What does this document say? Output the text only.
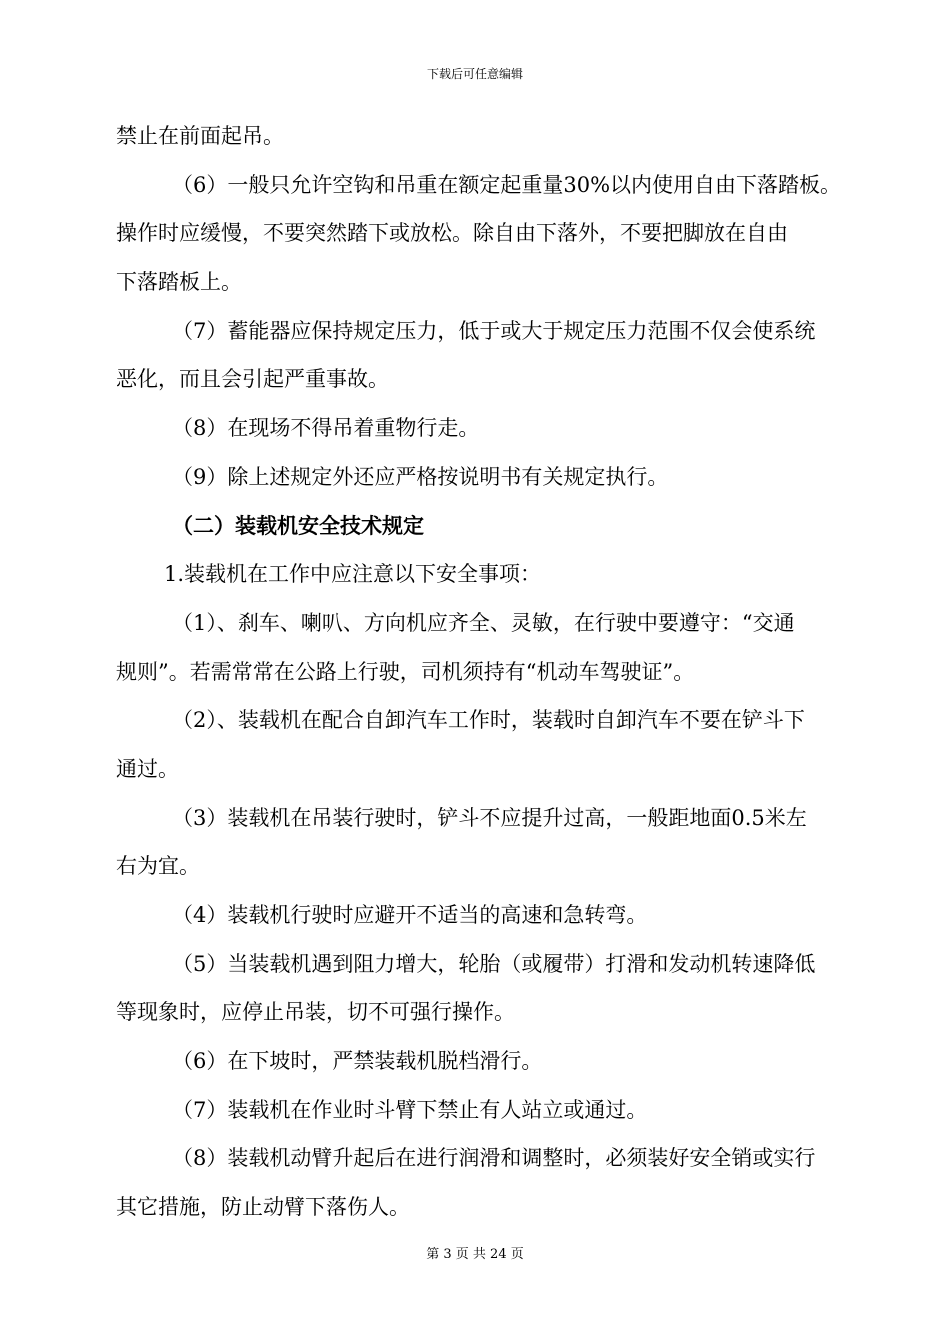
下载后可任意编辑
禁止在前面起吊。
（6）一般只允许空钩和吊重在额定起重量30%以内使用自由下落踏板。
操作时应缓慢，不要突然踏下或放松。除自由下落外，不要把脚放在自由
下落踏板上。
（7）蓄能器应保持规定压力，低于或大于规定压力范围不仅会使系统
恶化，而且会引起严重事故。
（8）在现场不得吊着重物行走。
（9）除上述规定外还应严格按说明书有关规定执行。
（二）装载机安全技术规定
1.装载机在工作中应注意以下安全事项：
（1）、刹车、喇叭、方向机应齐全、灵敏，在行驶中要遵守：“交通
规则”。若需常常在公路上行驶，司机须持有“机动车驾驶证”。
（2）、装载机在配合自卸汽车工作时，装载时自卸汽车不要在铲斗下
通过。
（3）装载机在吊装行驶时，铲斗不应提升过高，一般距地面0.5米左
右为宜。
（4）装载机行驶时应避开不适当的高速和急转弯。
（5）当装载机遇到阻力增大，轮胎（或履带）打滑和发动机转速降低
等现象时，应停止吊装，切不可强行操作。
（6）在下坡时，严禁装载机脱档滑行。
（7）装载机在作业时斗臂下禁止有人站立或通过。
（8）装载机动臂升起后在进行润滑和调整时，必须装好安全销或实行
其它措施，防止动臂下落伤人。
第 3 页 共 24 页
